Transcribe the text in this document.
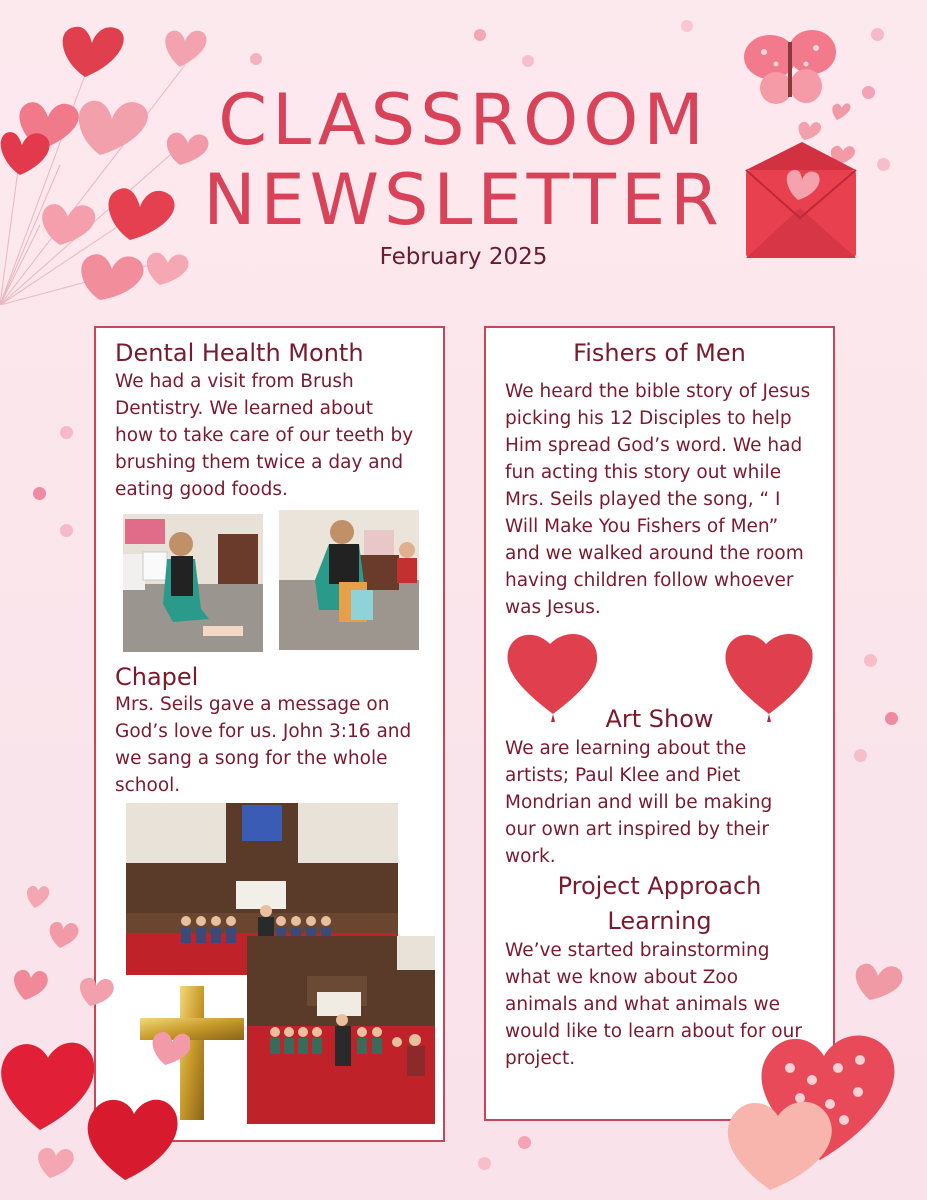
CLASSROOM
NEWSLETTER
February 2025
Dental Health Month

We had a visit from Brush Dentistry. We learned about how to take care of our teeth by brushing them twice a day and eating good foods.

Chapel

Mrs. Seils gave a message on God’s love for us. John 3:16 and we sang a song for the whole school.

Fishers of Men

We heard the bible story of Jesus picking his 12 Disciples to help Him spread God’s word. We had fun acting this story out while Mrs. Seils played the song, “ I Will Make You Fishers of Men” and we walked around the room having children follow whoever was Jesus.

Art Show

We are learning about the artists; Paul Klee and Piet Mondrian and will be making our own art inspired by their work.

Project Approach
Learning

We’ve started brainstorming what we know about Zoo animals and what animals we would like to learn about for our project.
